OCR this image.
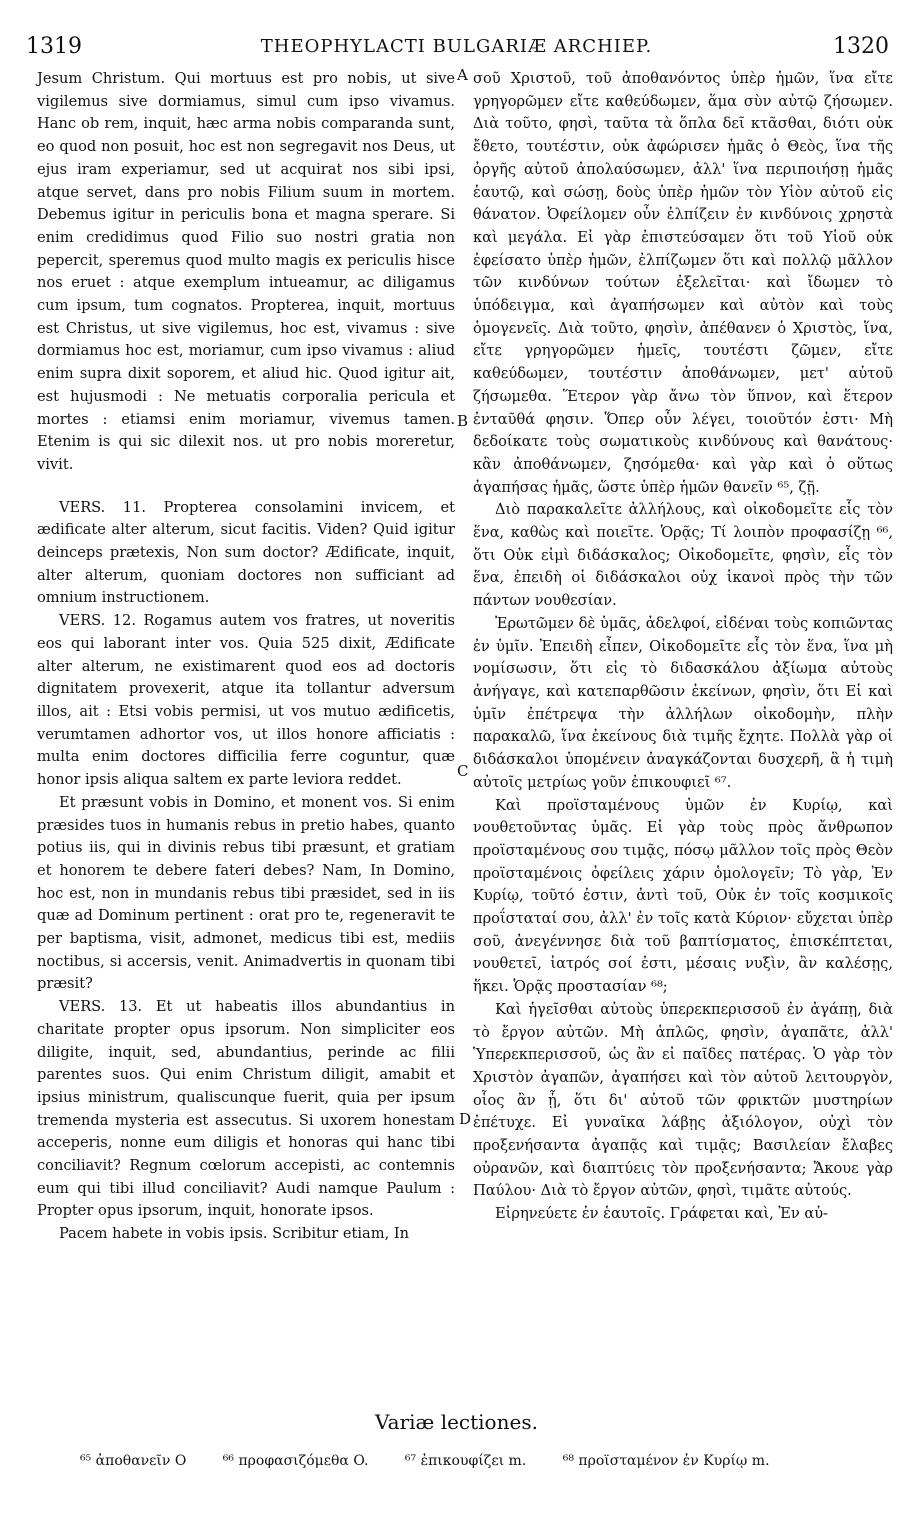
1319	THEOPHYLACTI BULGARIÆ ARCHIEP.	1320
A
B
C
D

Jesum Christum. Qui mortuus est pro nobis, ut sive vigilemus sive dormiamus, simul cum ipso vivamus. Hanc ob rem, inquit, hæc arma nobis comparanda sunt, eo quod non posuit, hoc est non segregavit nos Deus, ut ejus iram experiamur, sed ut acquirat nos sibi ipsi, atque servet, dans pro nobis Filium suum in mortem. Debemus igitur in periculis bona et magna sperare. Si enim credidimus quod Filio suo nostri gratia non pepercit, speremus quod multo magis ex periculis hisce nos eruet : atque exemplum intueamur, ac diligamus cum ipsum, tum cognatos. Propterea, inquit, mortuus est Christus, ut sive vigilemus, hoc est, vivamus : sive dormiamus hoc est, moriamur, cum ipso vivamus : aliud enim supra dixit soporem, et aliud hic. Quod igitur ait, est hujusmodi : Ne metuatis corporalia pericula et mortes : etiamsi enim moriamur, vivemus tamen. Etenim is qui sic dilexit nos. ut pro nobis moreretur, vivit.

VERS. 11. Propterea consolamini invicem, et ædificate alter alterum, sicut facitis. Viden? Quid igitur deinceps prætexis, Non sum doctor? Ædificate, inquit, alter alterum, quoniam doctores non sufficiant ad omnium instructionem.

VERS. 12. Rogamus autem vos fratres, ut noveritis eos qui laborant inter vos. Quia 525 dixit, Ædificate alter alterum, ne existimarent quod eos ad doctoris dignitatem provexerit, atque ita tollantur adversum illos, ait : Etsi vobis permisi, ut vos mutuo ædificetis, verumtamen adhortor vos, ut illos honore afficiatis : multa enim doctores difficilia ferre coguntur, quæ honor ipsis aliqua saltem ex parte leviora reddet.

Et præsunt vobis in Domino, et monent vos. Si enim præsides tuos in humanis rebus in pretio habes, quanto potius iis, qui in divinis rebus tibi præsunt, et gratiam et honorem te debere fateri debes? Nam, In Domino, hoc est, non in mundanis rebus tibi præsidet, sed in iis quæ ad Dominum pertinent : orat pro te, regeneravit te per baptisma, visit, admonet, medicus tibi est, mediis noctibus, si accersis, venit. Animadvertis in quonam tibi præsit?

VERS. 13. Et ut habeatis illos abundantius in charitate propter opus ipsorum. Non simpliciter eos diligite, inquit, sed, abundantius, perinde ac filii parentes suos. Qui enim Christum diligit, amabit et ipsius ministrum, qualiscunque fuerit, quia per ipsum tremenda mysteria est assecutus. Si uxorem honestam acceperis, nonne eum diligis et honoras qui hanc tibi conciliavit? Regnum cœlorum accepisti, ac contemnis eum qui tibi illud conciliavit? Audi namque Paulum : Propter opus ipsorum, inquit, honorate ipsos.

Pacem habete in vobis ipsis. Scribitur etiam, In

σοῦ Χριστοῦ, τοῦ ἀποθανόντος ὑπὲρ ἡμῶν, ἵνα εἴτε γρηγορῶμεν εἴτε καθεύδωμεν, ἅμα σὺν αὐτῷ ζήσωμεν. Διὰ τοῦτο, φησὶ, ταῦτα τὰ ὅπλα δεῖ κτᾶσθαι, διότι οὐκ ἔθετο, τουτέστιν, οὐκ ἀφώρισεν ἡμᾶς ὁ Θεὸς, ἵνα τῆς ὀργῆς αὐτοῦ ἀπολαύσωμεν, ἀλλ' ἵνα περιποιήσῃ ἡμᾶς ἑαυτῷ, καὶ σώσῃ, δοὺς ὑπὲρ ἡμῶν τὸν Υἱὸν αὐτοῦ εἰς θάνατον. Ὀφείλομεν οὖν ἐλπίζειν ἐν κινδύνοις χρηστὰ καὶ μεγάλα. Εἰ γὰρ ἐπιστεύσαμεν ὅτι τοῦ Υἱοῦ οὐκ ἐφείσατο ὑπὲρ ἡμῶν, ἐλπίζωμεν ὅτι καὶ πολλῷ μᾶλλον τῶν κινδύνων τούτων ἐξελεῖται· καὶ ἴδωμεν τὸ ὑπόδειγμα, καὶ ἀγαπήσωμεν καὶ αὐτὸν καὶ τοὺς ὁμογενεῖς. Διὰ τοῦτο, φησὶν, ἀπέθανεν ὁ Χριστὸς, ἵνα, εἴτε γρηγορῶμεν ἡμεῖς, τουτέστι ζῶμεν, εἴτε καθεύδωμεν, τουτέστιν ἀποθάνωμεν, μετ' αὐτοῦ ζήσωμεθα. Ἕτερον γὰρ ἄνω τὸν ὕπνον, καὶ ἕτερον ἐνταῦθά φησιν. Ὅπερ οὖν λέγει, τοιοῦτόν ἐστι· Μὴ δεδοίκατε τοὺς σωματικοὺς κινδύνους καὶ θανάτους· κἂν ἀποθάνωμεν, ζησόμεθα· καὶ γὰρ καὶ ὁ οὕτως ἀγαπήσας ἡμᾶς, ὥστε ὑπὲρ ἡμῶν θανεῖν ⁶⁵, ζῇ.

Διὸ παρακαλεῖτε ἀλλήλους, καὶ οἰκοδομεῖτε εἷς τὸν ἕνα, καθὼς καὶ ποιεῖτε. Ὁρᾷς; Τί λοιπὸν προφασίζῃ ⁶⁶, ὅτι Οὐκ εἰμὶ διδάσκαλος; Οἰκοδομεῖτε, φησὶν, εἷς τὸν ἕνα, ἐπειδὴ οἱ διδάσκαλοι οὐχ ἱκανοὶ πρὸς τὴν τῶν πάντων νουθεσίαν.

Ἐρωτῶμεν δὲ ὑμᾶς, ἀδελφοί, εἰδέναι τοὺς κοπιῶντας ἐν ὑμῖν. Ἐπειδὴ εἶπεν, Οἰκοδομεῖτε εἷς τὸν ἕνα, ἵνα μὴ νομίσωσιν, ὅτι εἰς τὸ διδασκάλου ἀξίωμα αὐτοὺς ἀνήγαγε, καὶ κατεπαρθῶσιν ἐκείνων, φησὶν, ὅτι Εἰ καὶ ὑμῖν ἐπέτρεψα τὴν ἀλλήλων οἰκοδομὴν, πλὴν παρακαλῶ, ἵνα ἐκείνους διὰ τιμῆς ἔχητε. Πολλὰ γὰρ οἱ διδάσκαλοι ὑπομένειν ἀναγκάζονται δυσχερῆ, ἃ ἡ τιμὴ αὐτοῖς μετρίως γοῦν ἐπικουφιεῖ ⁶⁷.

Καὶ προϊσταμένους ὑμῶν ἐν Κυρίῳ, καὶ νουθετοῦντας ὑμᾶς. Εἰ γὰρ τοὺς πρὸς ἄνθρωπον προϊσταμένους σου τιμᾷς, πόσῳ μᾶλλον τοῖς πρὸς Θεὸν προϊσταμένοις ὀφείλεις χάριν ὁμολογεῖν; Τὸ γὰρ, Ἐν Κυρίῳ, τοῦτό ἐστιν, ἀντὶ τοῦ, Οὐκ ἐν τοῖς κοσμικοῖς προΐσταταί σου, ἀλλ' ἐν τοῖς κατὰ Κύριον· εὔχεται ὑπὲρ σοῦ, ἀνεγέννησε διὰ τοῦ βαπτίσματος, ἐπισκέπτεται, νουθετεῖ, ἰατρός σοί ἐστι, μέσαις νυξὶν, ἂν καλέσῃς, ἥκει. Ὁρᾷς προστασίαν ⁶⁸;

Καὶ ἡγεῖσθαι αὐτοὺς ὑπερεκπερισσοῦ ἐν ἀγάπῃ, διὰ τὸ ἔργον αὐτῶν. Μὴ ἁπλῶς, φησὶν, ἀγαπᾶτε, ἀλλ' Ὑπερεκπερισσοῦ, ὡς ἂν εἰ παῖδες πατέρας. Ὁ γὰρ τὸν Χριστὸν ἀγαπῶν, ἀγαπήσει καὶ τὸν αὐτοῦ λειτουργὸν, οἷος ἂν ᾖ, ὅτι δι' αὐτοῦ τῶν φρικτῶν μυστηρίων ἐπέτυχε. Εἰ γυναῖκα λάβῃς ἀξιόλογον, οὐχὶ τὸν προξενήσαντα ἀγαπᾷς καὶ τιμᾷς; Βασιλείαν ἔλαβες οὐρανῶν, καὶ διαπτύεις τὸν προξενήσαντα; Ἄκουε γὰρ Παύλου· Διὰ τὸ ἔργον αὐτῶν, φησὶ, τιμᾶτε αὐτούς.

Εἰρηνεύετε ἐν ἑαυτοῖς. Γράφεται καὶ, Ἐν αὐ-

Variæ lectiones.
⁶⁵ ἀποθανεῖν O	⁶⁶ προφασιζόμεθα O.	⁶⁷ ἐπικουφίζει m.	⁶⁸ προϊσταμένον ἐν Κυρίῳ m.
